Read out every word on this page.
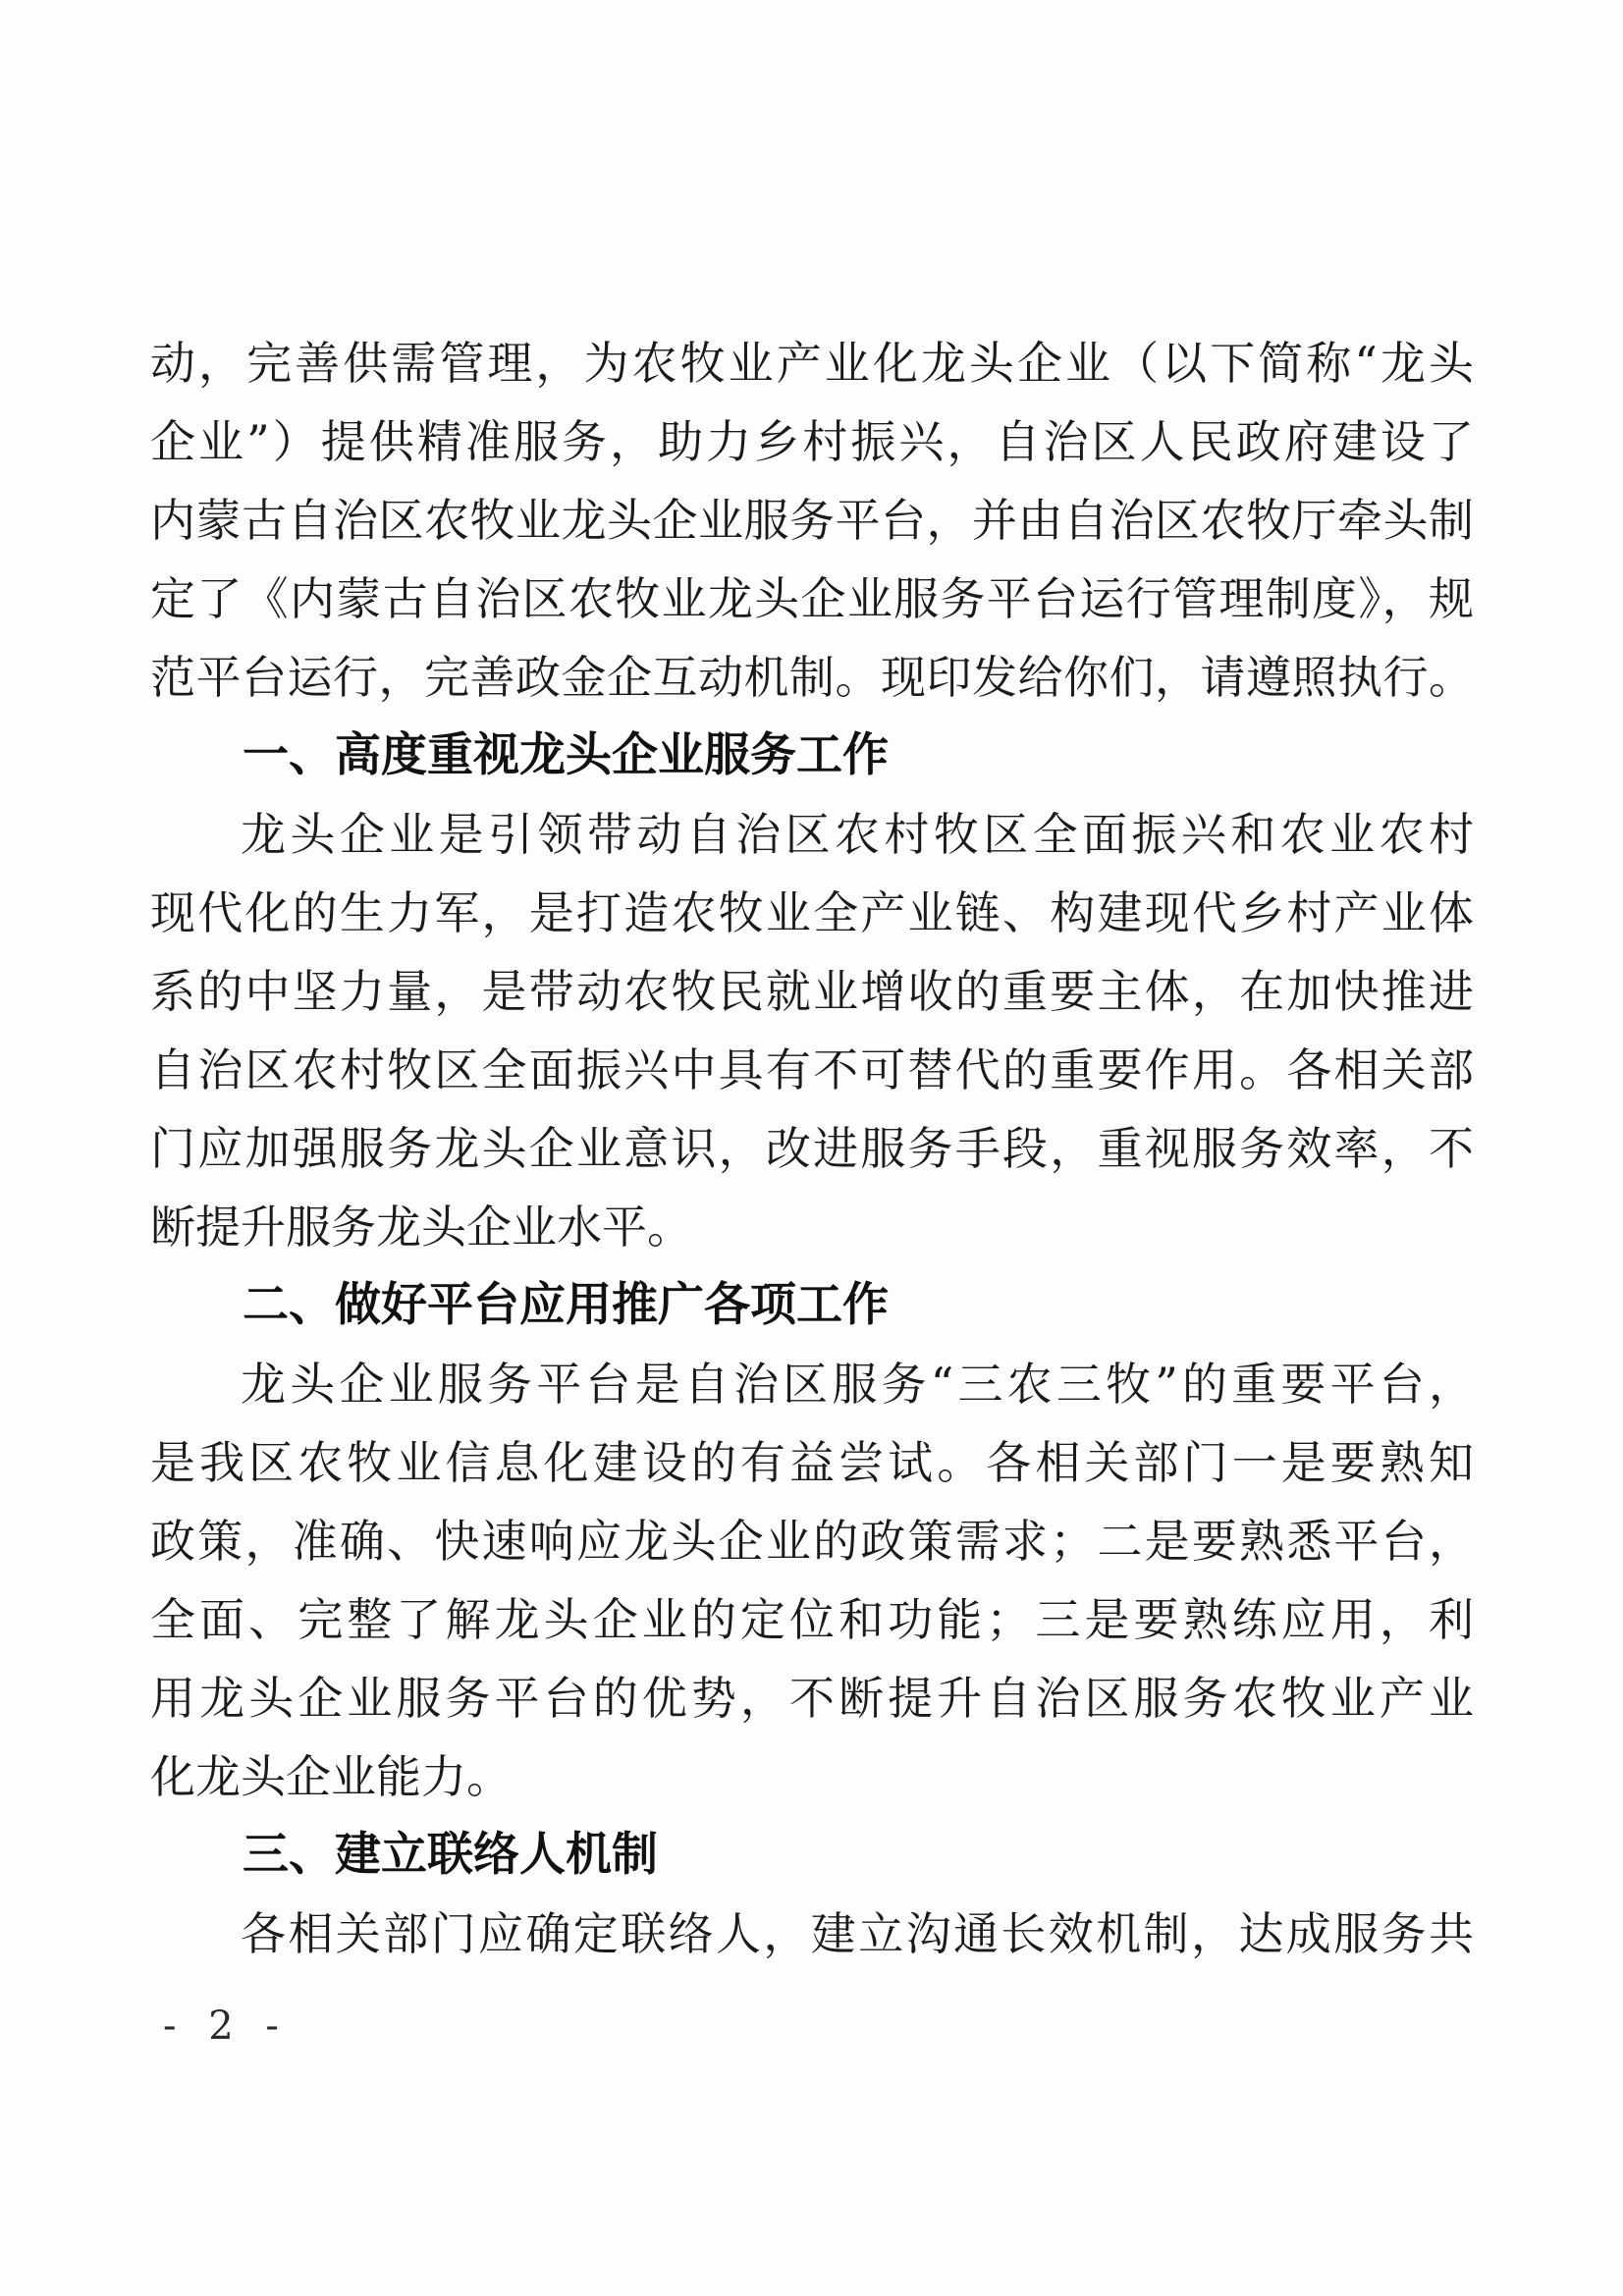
动，完善供需管理，为农牧业产业化龙头企业（以下简称“龙头
企业”）提供精准服务，助力乡村振兴，自治区人民政府建设了
内蒙古自治区农牧业龙头企业服务平台，并由自治区农牧厅牵头制
定了《内蒙古自治区农牧业龙头企业服务平台运行管理制度》，规
范平台运行，完善政金企互动机制。现印发给你们，请遵照执行。
一、高度重视龙头企业服务工作
龙头企业是引领带动自治区农村牧区全面振兴和农业农村
现代化的生力军，是打造农牧业全产业链、构建现代乡村产业体
系的中坚力量，是带动农牧民就业增收的重要主体，在加快推进
自治区农村牧区全面振兴中具有不可替代的重要作用。各相关部
门应加强服务龙头企业意识，改进服务手段，重视服务效率，不
断提升服务龙头企业水平。
二、做好平台应用推广各项工作
龙头企业服务平台是自治区服务“三农三牧”的重要平台，
是我区农牧业信息化建设的有益尝试。各相关部门一是要熟知
政策，准确、快速响应龙头企业的政策需求；二是要熟悉平台，
全面、完整了解龙头企业的定位和功能；三是要熟练应用，利
用龙头企业服务平台的优势，不断提升自治区服务农牧业产业
化龙头企业能力。
三、建立联络人机制
各相关部门应确定联络人，建立沟通长效机制，达成服务共
- 2 -
